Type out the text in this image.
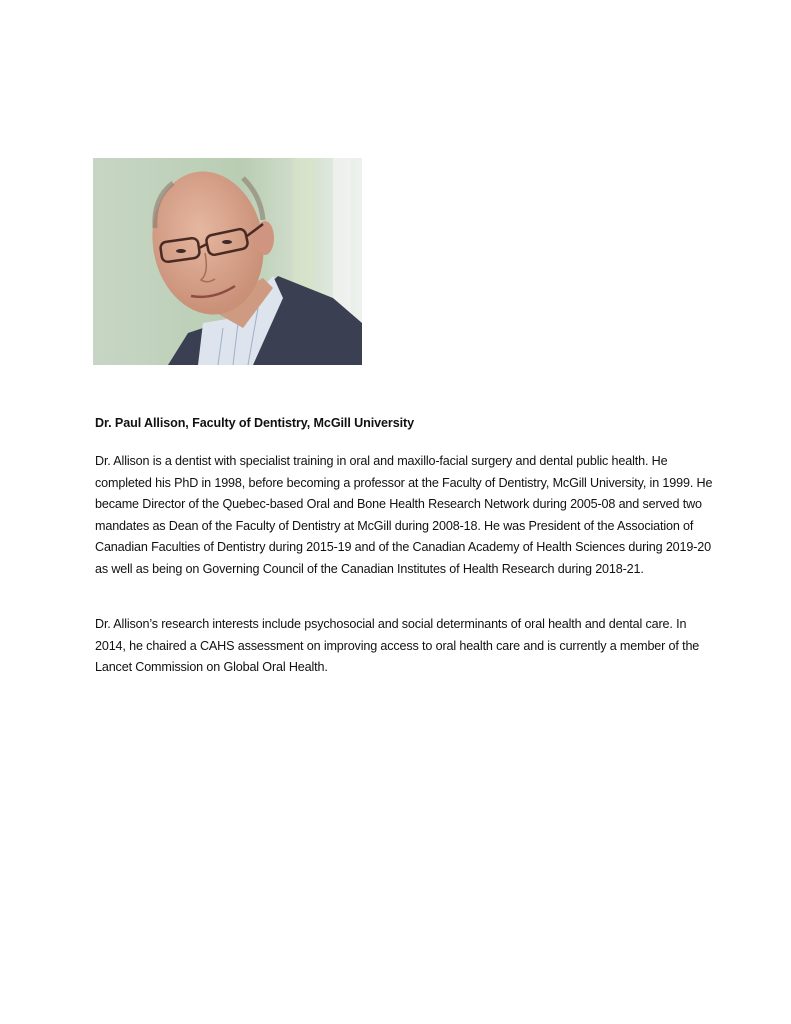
Dr. Paul Allison, Faculty of Dentistry, McGill University

Dr. Allison is a dentist with specialist training in oral and maxillo-facial surgery and dental public health. He completed his PhD in 1998, before becoming a professor at the Faculty of Dentistry, McGill University, in 1999. He became Director of the Quebec-based Oral and Bone Health Research Network during 2005-08 and served two mandates as Dean of the Faculty of Dentistry at McGill during 2008-18. He was President of the Association of Canadian Faculties of Dentistry during 2015-19 and of the Canadian Academy of Health Sciences during 2019-20 as well as being on Governing Council of the Canadian Institutes of Health Research during 2018-21.

Dr. Allison’s research interests include psychosocial and social determinants of oral health and dental care. In 2014, he chaired a CAHS assessment on improving access to oral health care and is currently a member of the Lancet Commission on Global Oral Health.
